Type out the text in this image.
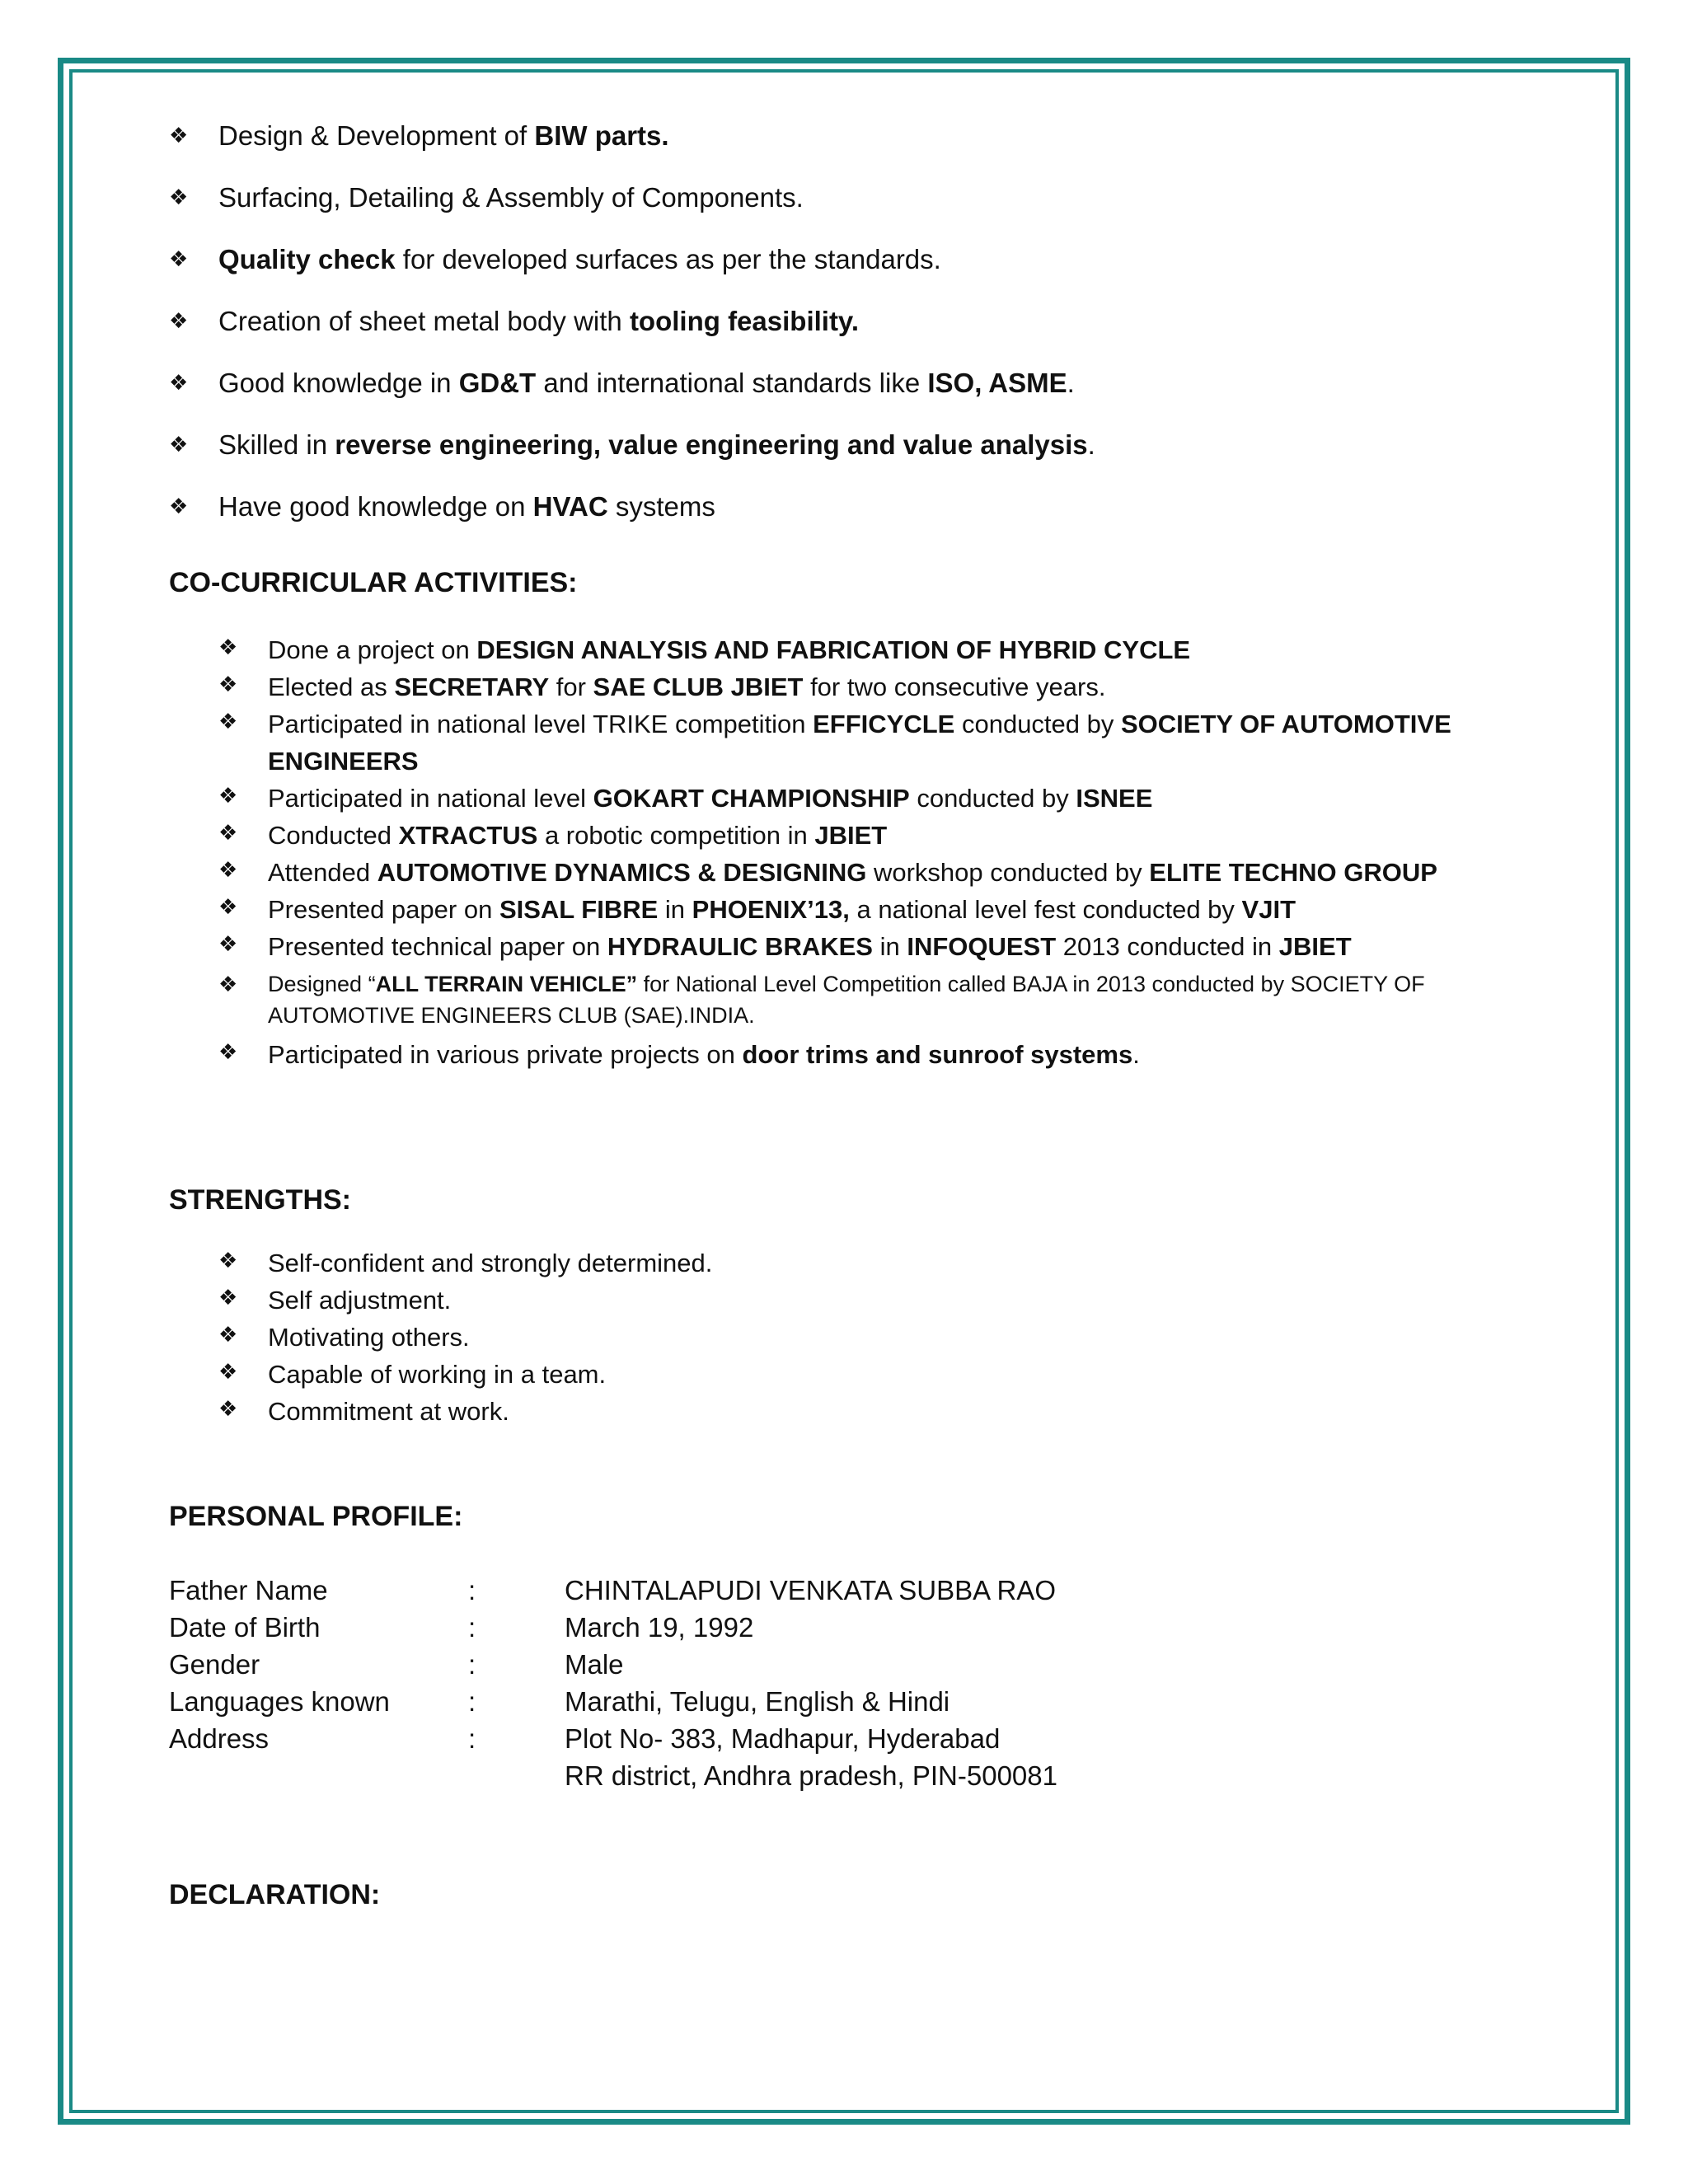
❖ Design & Development of BIW parts.
❖ Surfacing, Detailing & Assembly of Components.
❖ Quality check for developed surfaces as per the standards.
❖ Creation of sheet metal body with tooling feasibility.
❖ Good knowledge in GD&T and international standards like ISO, ASME.
❖ Skilled in reverse engineering, value engineering and value analysis.
❖ Have good knowledge on HVAC systems
CO-CURRICULAR ACTIVITIES:
❖ Done a project on DESIGN ANALYSIS AND FABRICATION OF HYBRID CYCLE
❖ Elected as SECRETARY for SAE CLUB JBIET for two consecutive years.
❖ Participated in national level TRIKE competition EFFICYCLE conducted by SOCIETY OF AUTOMOTIVE ENGINEERS
❖ Participated in national level GOKART CHAMPIONSHIP conducted by ISNEE
❖ Conducted XTRACTUS a robotic competition in JBIET
❖ Attended AUTOMOTIVE DYNAMICS & DESIGNING workshop conducted by ELITE TECHNO GROUP
❖ Presented paper on SISAL FIBRE in PHOENIX’13, a national level fest conducted by VJIT
❖ Presented technical paper on HYDRAULIC BRAKES in INFOQUEST 2013 conducted in JBIET
❖ Designed “ALL TERRAIN VEHICLE” for National Level Competition called BAJA in 2013 conducted by SOCIETY OF AUTOMOTIVE ENGINEERS CLUB (SAE).INDIA.
❖ Participated in various private projects on door trims and sunroof systems.
STRENGTHS:
❖ Self-confident and strongly determined.
❖ Self adjustment.
❖ Motivating others.
❖ Capable of working in a team.
❖ Commitment at work.
PERSONAL PROFILE:
Father Name	:	CHINTALAPUDI VENKATA SUBBA RAO
Date of Birth	:	March 19, 1992
Gender	:	Male
Languages known	:	Marathi, Telugu, English & Hindi
Address	:	Plot No- 383, Madhapur, Hyderabad
		RR district, Andhra pradesh, PIN-500081
DECLARATION:
